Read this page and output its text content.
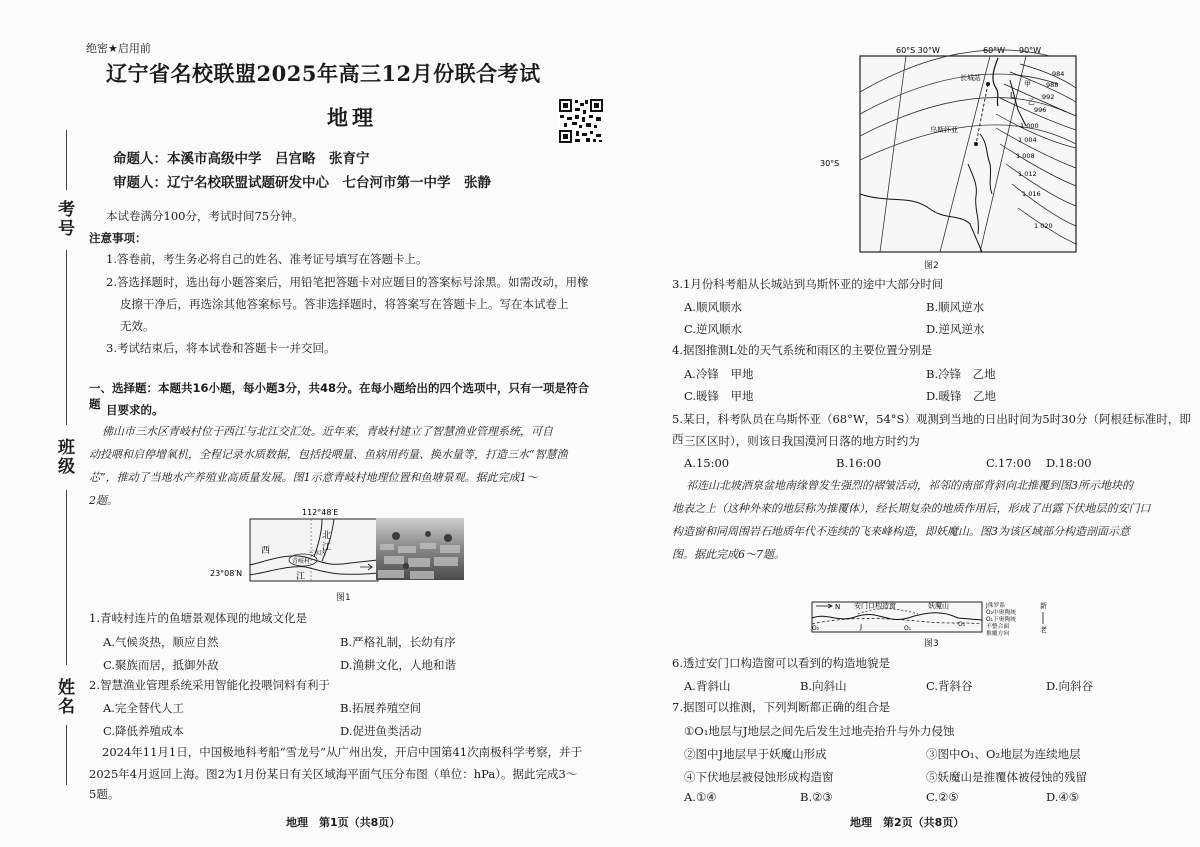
绝密★启用前
辽宁省名校联盟2025年高三12月份联合考试
地理
命题人：本溪市高级中学　吕宫略　张育宁
审题人：辽宁名校联盟试题研发中心　七台河市第一中学　张静
考号
班级
姓名
本试卷满分100分，考试时间75分钟。
注意事项：
1.答卷前，考生务必将自己的姓名、准考证号填写在答题卡上。
2.答选择题时，选出每小题答案后，用铅笔把答题卡对应题目的答案标号涂黑。如需改动，用橡
皮擦干净后，再选涂其他答案标号。答非选择题时，将答案写在答题卡上。写在本试卷上
无效。
3.考试结束后，将本试卷和答题卡一并交回。
一、选择题：本题共16小题，每小题3分，共48分。在每小题给出的四个选项中，只有一项是符合题 目要求的。
佛山市三水区青岐村位于西江与北江交汇处。近年来，青岐村建立了智慧渔业管理系统，可自
动投喂和启停增氧机，全程记录水质数据，包括投喂量、鱼病用药量、换水量等，打造三水“智慧渔
芯”，推动了当地水产养殖业高质量发展。图1示意青岐村地理位置和鱼塘景观。据此完成1～
2题。
112°48′E
西
北
江
江
青岐村
三水区
23°08′N
图1
1.青岐村连片的鱼塘景观体现的地域文化是
A.气候炎热，顺应自然	B.严格礼制，长幼有序
C.聚族而居，抵御外敌	D.渔耕文化，人地和谐
2.智慧渔业管理系统采用智能化投喂饲料有利于
A.完全替代人工	B.拓展养殖空间
C.降低养殖成本	D.促进鱼类活动
2024年11月1日，中国极地科考船“雪龙号”从广州出发，开启中国第41次南极科学考察，并于
2025年4月返回上海。图2为1月份某日有关区域海平面气压分布图（单位：hPa）。据此完成3～
5题。
地理　第1页（共8页）
60°S 30°W	60°W 90°W
30°S
长城站
乌斯怀亚
甲
乙
L
984
988
992
996
1 000
1 004
1 008
1 012
1 016
1 020
图2
3.1月份科考船从长城站到乌斯怀亚的途中大部分时间
A.顺风顺水	B.顺风逆水
C.逆风顺水	D.逆风逆水
4.据图推测L处的天气系统和雨区的主要位置分别是
A.冷锋　甲地	B.冷锋　乙地
C.暖锋　甲地	D.暖锋　乙地
5.某日，科考队员在乌斯怀亚（68°W，54°S）观测到当地的日出时间为5时30分（阿根廷标准时，即西 三区区时），则该日我国漠河日落的地方时约为
A.15:00	B.16:00	C.17:00 D.18:00
祁连山北坡酒泉盆地南缘曾发生强烈的褶皱活动，祁邻的南部背斜向北推覆到图3所示地块的
地表之上（这种外来的地层称为推覆体），经长期复杂的地质作用后，形成了出露下伏地层的安门口
构造窗和同周围岩石地质年代不连续的飞来峰构造，即妖魔山。图3为该区域部分构造剖面示意
图。据此完成6～7题。
N 安门口构造窗	妖魔山
O₂	J	O₁
O₁
J侏罗系
O₂中奥陶统
O₁下奥陶统
不整合面
推覆方向
新
老
图3
6.透过安门口构造窗可以看到的构造地貌是
A.背斜山	B.向斜山	C.背斜谷	D.向斜谷
7.据图可以推测，下列判断都正确的组合是
①O₁地层与J地层之间先后发生过地壳抬升与外力侵蚀
②图中J地层早于妖魔山形成	③图中O₁、O₂地层为连续地层
④下伏地层被侵蚀形成构造窗	⑤妖魔山是推覆体被侵蚀的残留
A.①④	B.②③	C.②⑤	D.④⑤
地理　第2页（共8页）
